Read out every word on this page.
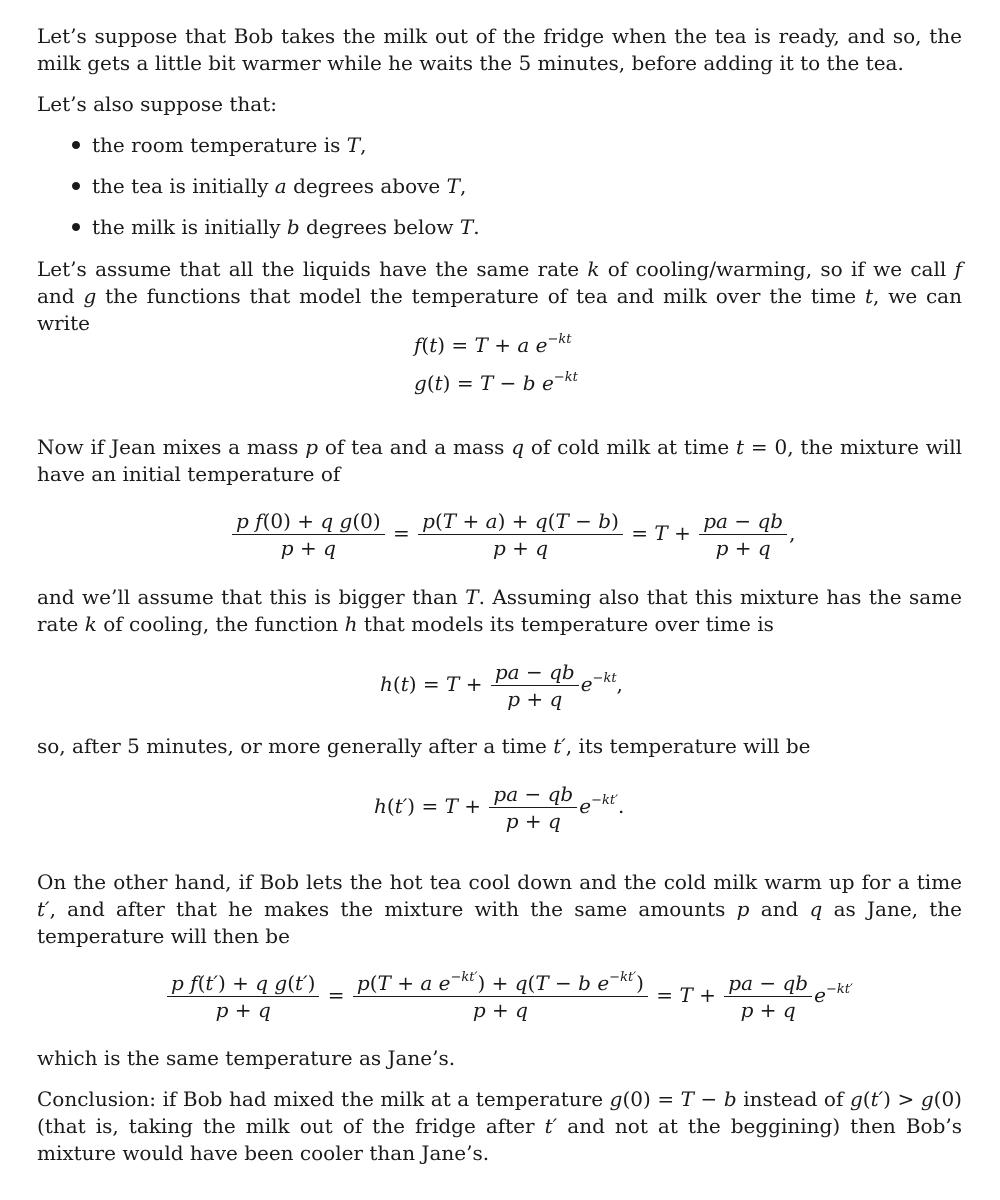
Let’s suppose that Bob takes the milk out of the fridge when the tea is ready, and so, the milk gets a little bit warmer while he waits the 5 minutes, before adding it to the tea.

Let’s also suppose that:

the room temperature is T,
the tea is initially a degrees above T,
the milk is initially b degrees below T.

Let’s assume that all the liquids have the same rate k of cooling/warming, so if we call f and g the functions that model the temperature of tea and milk over the time t, we can write

f(t) = T + a $e^{-kt}$
g(t) = T − b $e^{-kt}$

Now if Jean mixes a mass p of tea and a mass q of cold milk at time t = 0, the mixture will have an initial temperature of

$\frac{\text{p f(0) + q g(0)}}{p + q} = \frac{p(T + a) + q(T - b)}{p + q} = T + \frac{pa - qb}{p + q}$ ,

and we’ll assume that this is bigger than T. Assuming also that this mixture has the same rate k of cooling, the function h that models its temperature over time is

$h(t) = T + \frac{pa - qb}{p + q} e^{-kt}$,

so, after 5 minutes, or more generally after a time t′, its temperature will be

$h(t') = T + \frac{pa - qb}{p + q} e^{-kt'}$.

On the other hand, if Bob lets the hot tea cool down and the cold milk warm up for a time t′, and after that he makes the mixture with the same amounts p and q as Jane, the temperature will then be

$\frac{\text{p f(t′) + q g(t′)}}{p + q} = \frac{p(T + a e^{-kt'}) + q(T - b e^{-kt'})}{p + q} = T + \frac{pa - qb}{p + q} e^{-kt'}$

which is the same temperature as Jane’s.

Conclusion: if Bob had mixed the milk at a temperature g(0) = T − b instead of g(t′) > g(0) (that is, taking the milk out of the fridge after t′ and not at the beggining) then Bob’s mixture would have been cooler than Jane’s.
